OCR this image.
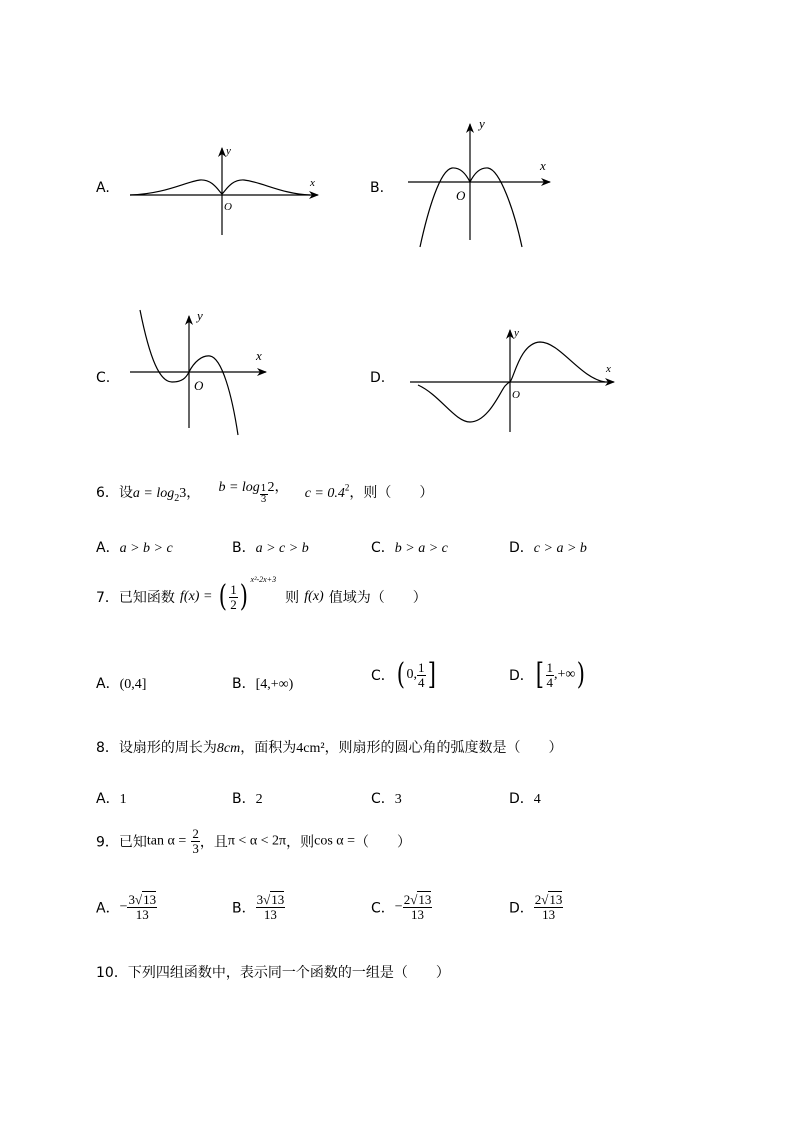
A.	B.
C.	D.
y
x
O
y
x
O
y
x
O
y
x
O
6．设$a = \log_23$， $b = \log \frac{1}{3} 2$， $c = 0.4^2$，则（　　）
A．a > b > c	B．a > c > b	C．b > a > c	D．c > a > b
7．已知函数 f(x) = ( $\frac{1}{2}$ ) $^{x^2-2x+3}$ 则 f(x) 值域为（　　）
A．(0,4]	B．[4,+∞)
C．( 0, $\frac{1}{4}$ ]	D．[ $\frac{1}{4}$ ,+∞)
8．设扇形的周长为8cm，面积为4cm²，则扇形的圆心角的弧度数是（　　）
A．1	B．2	C．3	D．4
9．已知$\tan \alpha = \frac{2}{3}$ ，且π < α < 2π，则cos α =（　　）
A．− $\frac{3√13}{13}$	B． $\frac{3√13}{13}$	C．− $\frac{2√13}{13}$	D． $\frac{2√13}{13}$
10．下列四组函数中，表示同一个函数的一组是（　　）
